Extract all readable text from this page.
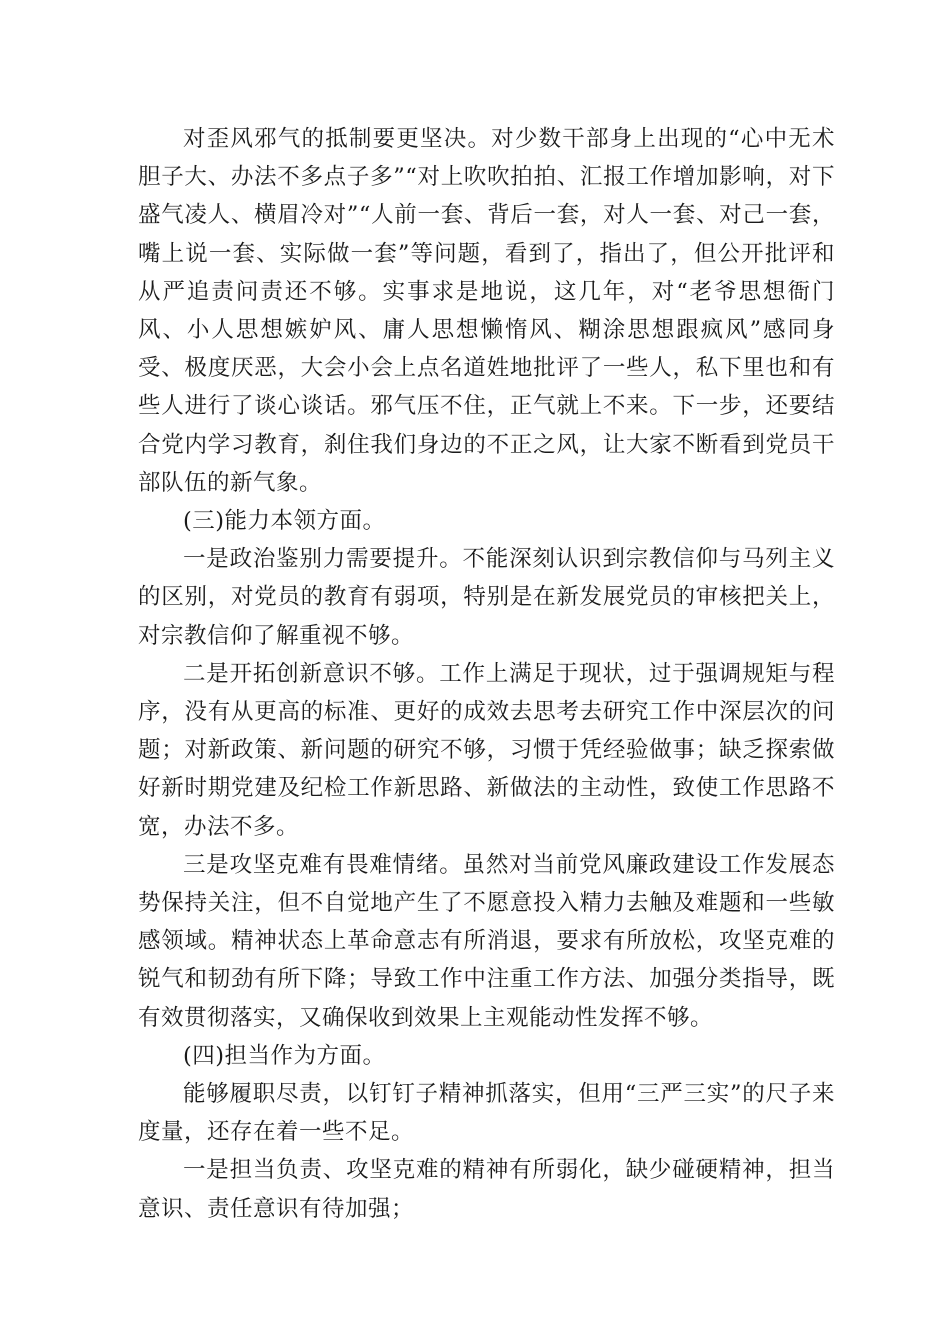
对歪风邪气的抵制要更坚决。对少数干部身上出现的“心中无术胆子大、办法不多点子多”“对上吹吹拍拍、汇报工作增加影响，对下盛气凌人、横眉冷对”“人前一套、背后一套，对人一套、对己一套，嘴上说一套、实际做一套”等问题，看到了，指出了，但公开批评和从严追责问责还不够。实事求是地说，这几年，对“老爷思想衙门风、小人思想嫉妒风、庸人思想懒惰风、糊涂思想跟疯风”感同身受、极度厌恶，大会小会上点名道姓地批评了一些人，私下里也和有些人进行了谈心谈话。邪气压不住，正气就上不来。下一步，还要结合党内学习教育，刹住我们身边的不正之风，让大家不断看到党员干部队伍的新气象。

(三)能力本领方面。

一是政治鉴别力需要提升。不能深刻认识到宗教信仰与马列主义的区别，对党员的教育有弱项，特别是在新发展党员的审核把关上，对宗教信仰了解重视不够。

二是开拓创新意识不够。工作上满足于现状，过于强调规矩与程序，没有从更高的标准、更好的成效去思考去研究工作中深层次的问题；对新政策、新问题的研究不够，习惯于凭经验做事；缺乏探索做好新时期党建及纪检工作新思路、新做法的主动性，致使工作思路不宽，办法不多。

三是攻坚克难有畏难情绪。虽然对当前党风廉政建设工作发展态势保持关注，但不自觉地产生了不愿意投入精力去触及难题和一些敏感领域。精神状态上革命意志有所消退，要求有所放松，攻坚克难的锐气和韧劲有所下降；导致工作中注重工作方法、加强分类指导，既有效贯彻落实，又确保收到效果上主观能动性发挥不够。

(四)担当作为方面。

能够履职尽责，以钉钉子精神抓落实，但用“三严三实”的尺子来度量，还存在着一些不足。

一是担当负责、攻坚克难的精神有所弱化，缺少碰硬精神，担当意识、责任意识有待加强；
